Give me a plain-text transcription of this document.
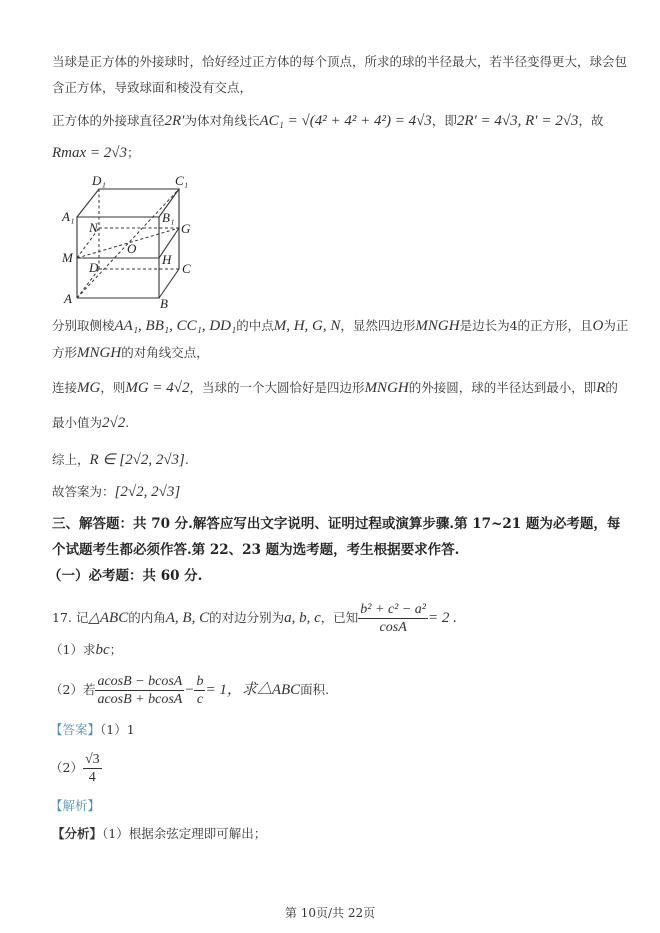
当球是正方体的外接球时，恰好经过正方体的每个顶点，所求的球的半径最大，若半径变得更大，球会包
含正方体，导致球面和棱没有交点，
正方体的外接球直径2R′为体对角线长AC₁ = √(4² + 4² + 4²) = 4√3，即2R′ = 4√3, R′ = 2√3，故
Rmax = 2√3；
D₁	C₁
A₁	B₁
N	G
O
M
D
H
C
A	B
分别取侧棱AA₁, BB₁, CC₁, DD₁的中点M, H, G, N，显然四边形MNGH是边长为4的正方形，且O为正
方形MNGH的对角线交点，
连接MG，则MG = 4√2，当球的一个大圆恰好是四边形MNGH的外接圆，球的半径达到最小，即R的
最小值为2√2.
综上，R ∈ [2√2, 2√3].
故答案为：[2√2, 2√3]
三、解答题：共 70 分.解答应写出文字说明、证明过程或演算步骤.第 17~21 题为必考题，每
个试题考生都必须作答.第 22、23 题为选考题，考生根据要求作答.
（一）必考题：共 60 分.
17. 记△ABC的内角A, B, C的对边分别为a, b, c，已知 $\frac{\text{b² + c² − a²}}{\cos A} = 2$ .
（1）求bc；
（2）若 $\frac{acosB - bcosA}{acosB + bcosA} - \frac{b}{c} = 1$，求△ABC面积.
【答案】（1）1
$(2) \frac{√3}{4}$
【解析】
【分析】（1）根据余弦定理即可解出；
第 10页/共 22页
